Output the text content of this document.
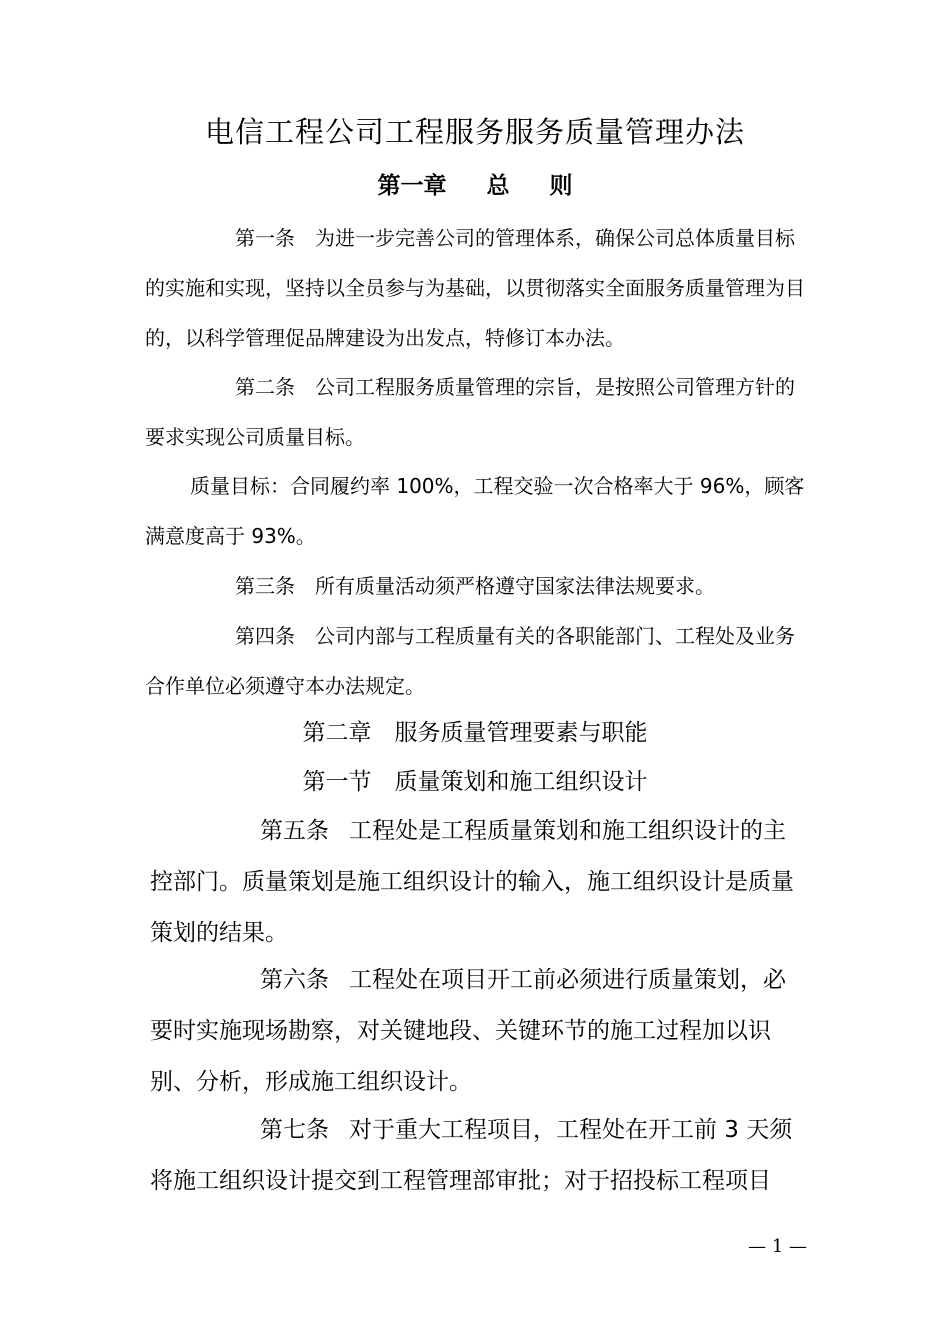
电信工程公司工程服务服务质量管理办法
第一章 总 则

第一条 为进一步完善公司的管理体系，确保公司总体质量目标的实施和实现，坚持以全员参与为基础，以贯彻落实全面服务质量管理为目的，以科学管理促品牌建设为出发点，特修订本办法。

第二条 公司工程服务质量管理的宗旨，是按照公司管理方针的要求实现公司质量目标。

质量目标：合同履约率 100%，工程交验一次合格率大于 96%，顾客满意度高于 93%。

第三条 所有质量活动须严格遵守国家法律法规要求。

第四条 公司内部与工程质量有关的各职能部门、工程处及业务合作单位必须遵守本办法规定。

第二章　服务质量管理要素与职能
第一节　质量策划和施工组织设计

第五条 工程处是工程质量策划和施工组织设计的主控部门。质量策划是施工组织设计的输入，施工组织设计是质量策划的结果。

第六条 工程处在项目开工前必须进行质量策划，必要时实施现场勘察，对关键地段、关键环节的施工过程加以识别、分析，形成施工组织设计。

第七条 对于重大工程项目，工程处在开工前 3 天须将施工组织设计提交到工程管理部审批；对于招投标工程项目

— 1 —
